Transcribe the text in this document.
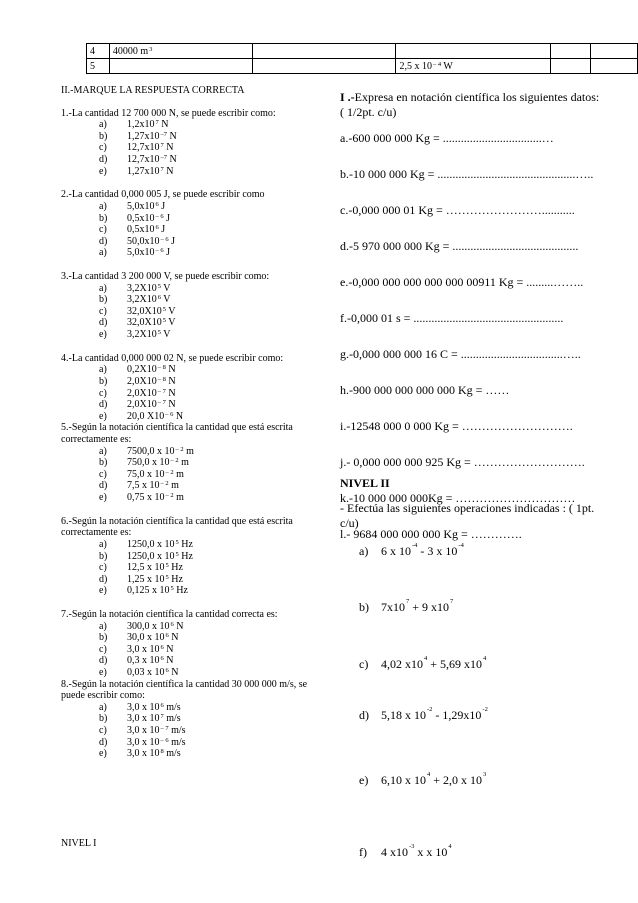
4	40000 $m^3$				
5			2,5 x $10^{- 4}$ W		
II.-MARQUE LA RESPUESTA CORRECTA
1.-La cantidad 12 700 000 N, se puede escribir como:
a)	$1,2x10^7$ N
b)	$1,27x10^{-7}$ N
c)	$12,7x10^7$ N
d)	$12,7x10^{-7}$ N
e)	$1,27x10^7$ N
2.-La cantidad 0,000 005 J, se puede escribir como
a)	$5,0x10^6$ J
b)	$0,5x10^{- 6}$ J
c)	$0,5x10^6$ J
d)	$50,0x10^{- 6}$ J
a)	$5,0x10^{- 6}$ J
3.-La cantidad 3 200 000 V, se puede escribir como:
a)	$3,2X10^5$ V
b)	$3,2X10^6$ V
c)	$32,0X10^5$ V
d)	$32,0X10^5$ V
e)	$3,2X10^5$ V
4.-La cantidad 0,000 000 02 N, se puede escribir como:
a)	$0,2X10^{- 8}$ N
b)	$2,0X10^{- 8}$ N
c)	$2,0X10^{- 7}$ N
d)	$2,0X10^{- 7}$ N
e)	20,0 $X10^{- 6}$ N
5.-Según la notación científica la cantidad que está escrita correctamente es:
a)	7500,0 x $10^{- 2}$ m
b)	750,0 x $10^{- 2}$ m
c)	75,0 x $10^{- 2}$ m
d)	7,5 x $10^{- 2}$ m
e)	0,75 x $10^{- 2}$ m
6.-Según la notación científica la cantidad que está escrita correctamente es:
a)	1250,0 x $10^5$ Hz
b)	1250,0 x $10^5$ Hz
c)	12,5 x $10^5$ Hz
d)	1,25 x $10^5$ Hz
e)	0,125 x $10^5$ Hz
7.-Según la notación científica la cantidad correcta es:
a)	300,0 x $10^6$ N
b)	30,0 x $10^6$ N
c)	3,0 x $10^6$ N
d)	0,3 x $10^6$ N
e)	0,03 x $10^6$ N
8.-Según la notación científica la cantidad 30 000 000 m/s, se puede escribir como:
a)	3,0 x $10^6$ m/s
b)	3,0 x $10^7$ m/s
c)	3,0 x $10^{- 7}$ m/s
d)	3,0 x $10^{- 6}$ m/s
e)	3,0 x $10^8$ m/s
NIVEL I

I .-Expresa en notación científica los siguientes datos: ( 1/2pt. c/u)

a.-600 000 000 Kg = .................................…
b.-10 000 000 Kg = ..............................................…..
c.-0,000 000 01 Kg = ……………………...........
d.-5 970 000 000 Kg = ..........................................
e.-0,000 000 000 000 000 00911 Kg = .........……..
f.-0,000 01 s = ..................................................
g.-0,000 000 000 16 C = ..................................…..
h.-900 000 000 000 000 Kg = ……
i.-12548 000 0 000 Kg = ……………………….
j.- 0,000 000 000 925 Kg = ……………………….
k.-10 000 000 000Kg = …………………………
l.- 9684 000 000 000 Kg = ………….
NIVEL II
- Efectúa las siguientes operaciones indicadas : ( 1pt. c/u)
a) 6 x $10^{-4} - 3$ x $10^{-4}$
b) $7x10^7 + 9$ $x10^7$
c) 4,02 $x10^4 + 5,69$ $x10^4$
d) 5,18 x $10^{-2} - 1,29x10^{-2}$
e) 6,10 x $10^4 + 2,0$ x $10^3$
f) 4 $x10^{-3}$ x x $10^4$
